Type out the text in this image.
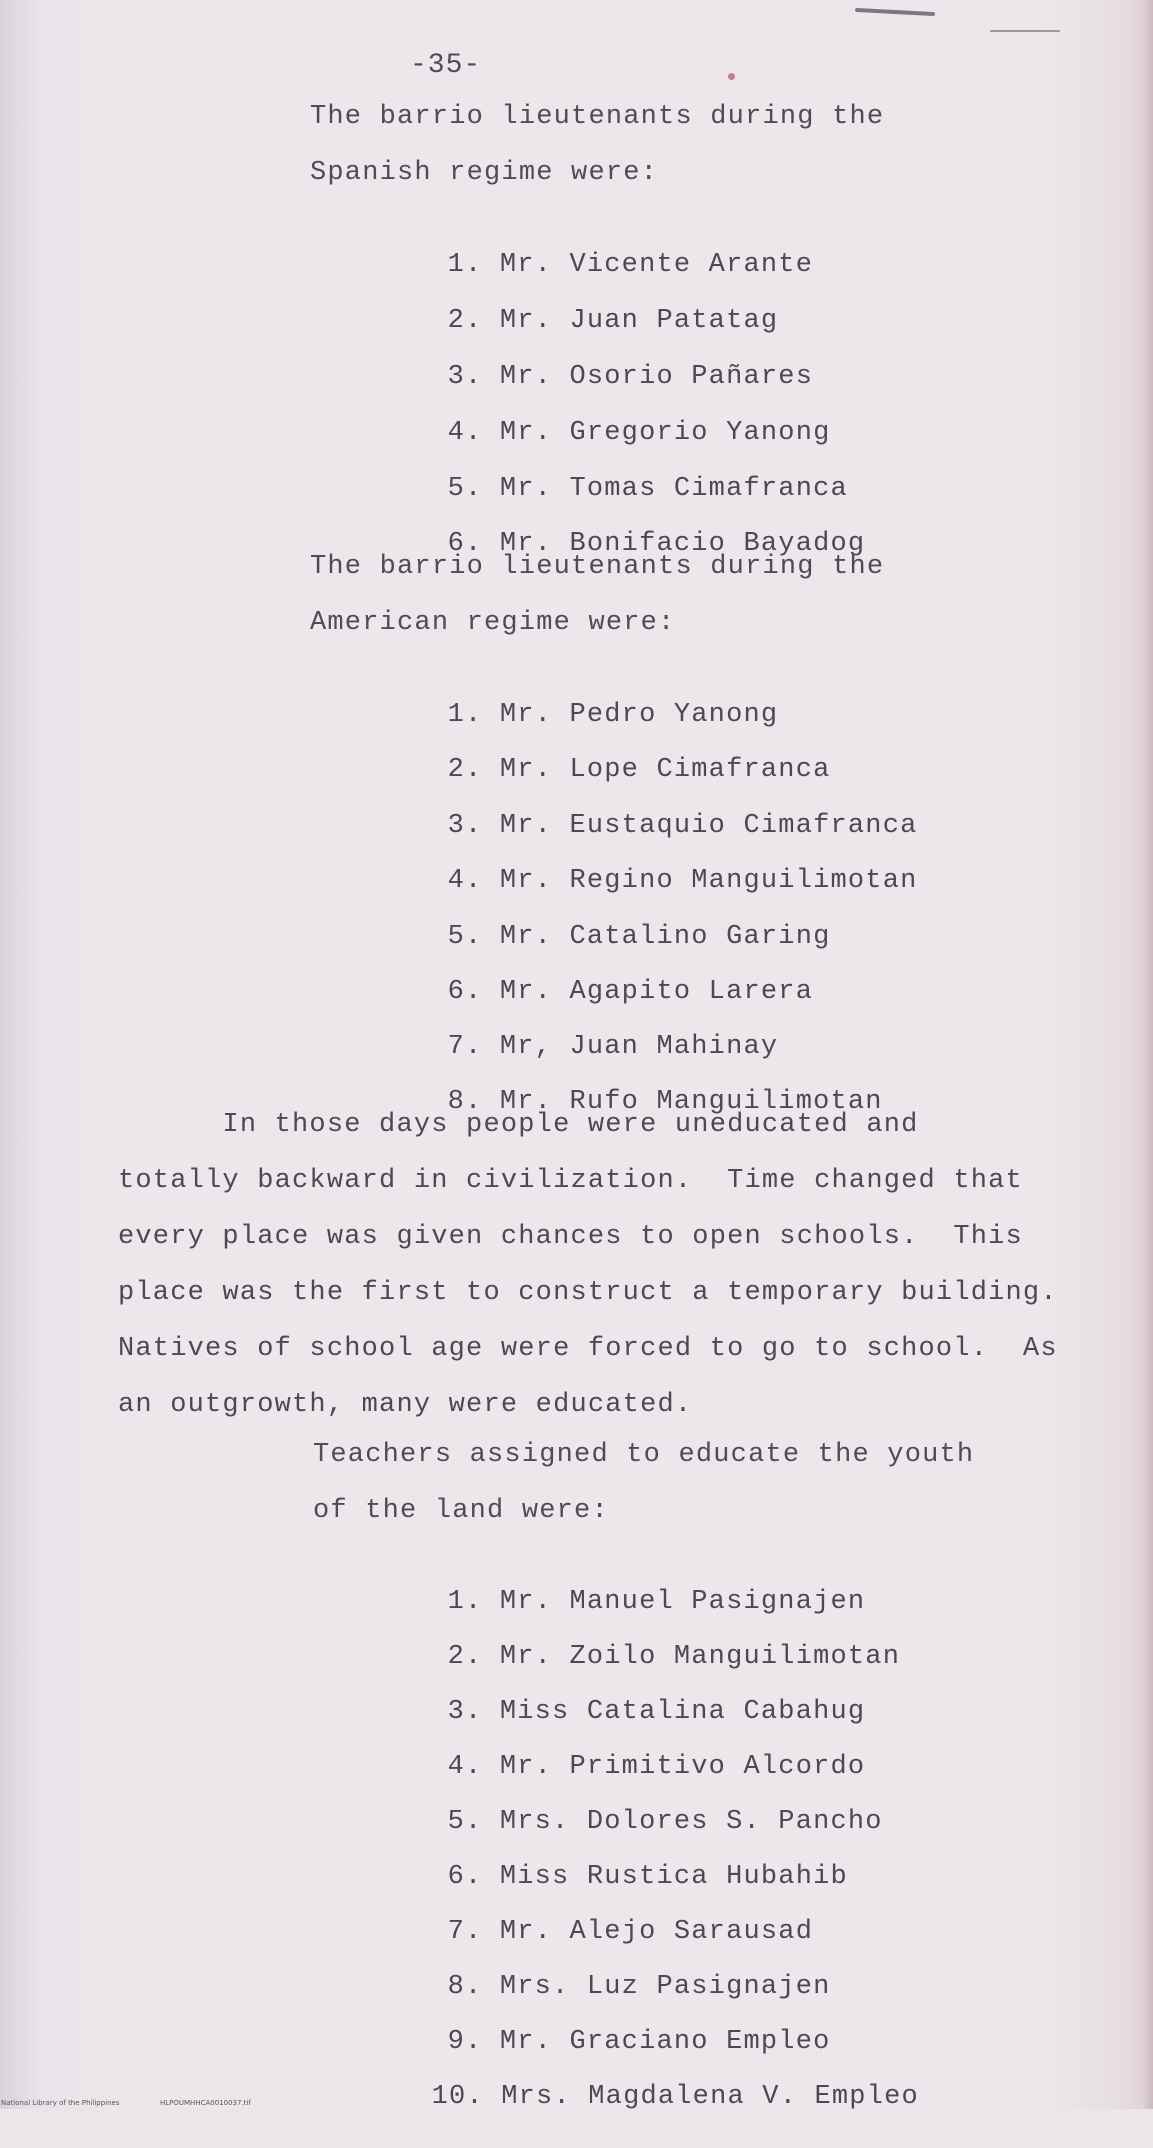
-35-
The barrio lieutenants during the
Spanish regime were:

1. Mr. Vicente Arante

2. Mr. Juan Patatag

3. Mr. Osorio Pañares

4. Mr. Gregorio Yanong

5. Mr. Tomas Cimafranca

6. Mr. Bonifacio Bayadog

The barrio lieutenants during the
American regime were:

1. Mr. Pedro Yanong

2. Mr. Lope Cimafranca

3. Mr. Eustaquio Cimafranca

4. Mr. Regino Manguilimotan

5. Mr. Catalino Garing

6. Mr. Agapito Larera

7. Mr, Juan Mahinay

8. Mr. Rufo Manguilimotan

In those days people were uneducated and
totally backward in civilization.  Time changed that
every place was given chances to open schools.  This
place was the first to construct a temporary building.
Natives of school age were forced to go to school.  As
an outgrowth, many were educated.
Teachers assigned to educate the youth
of the land were:

1. Mr. Manuel Pasignajen

2. Mr. Zoilo Manguilimotan

3. Miss Catalina Cabahug

4. Mr. Primitivo Alcordo

5. Mrs. Dolores S. Pancho

6. Miss Rustica Hubahib

7. Mr. Alejo Sarausad

8. Mrs. Luz Pasignajen

9. Mr. Graciano Empleo

10. Mrs. Magdalena V. Empleo

National Library of the Philippines

	HLPOUMHHCA0010037.tif
